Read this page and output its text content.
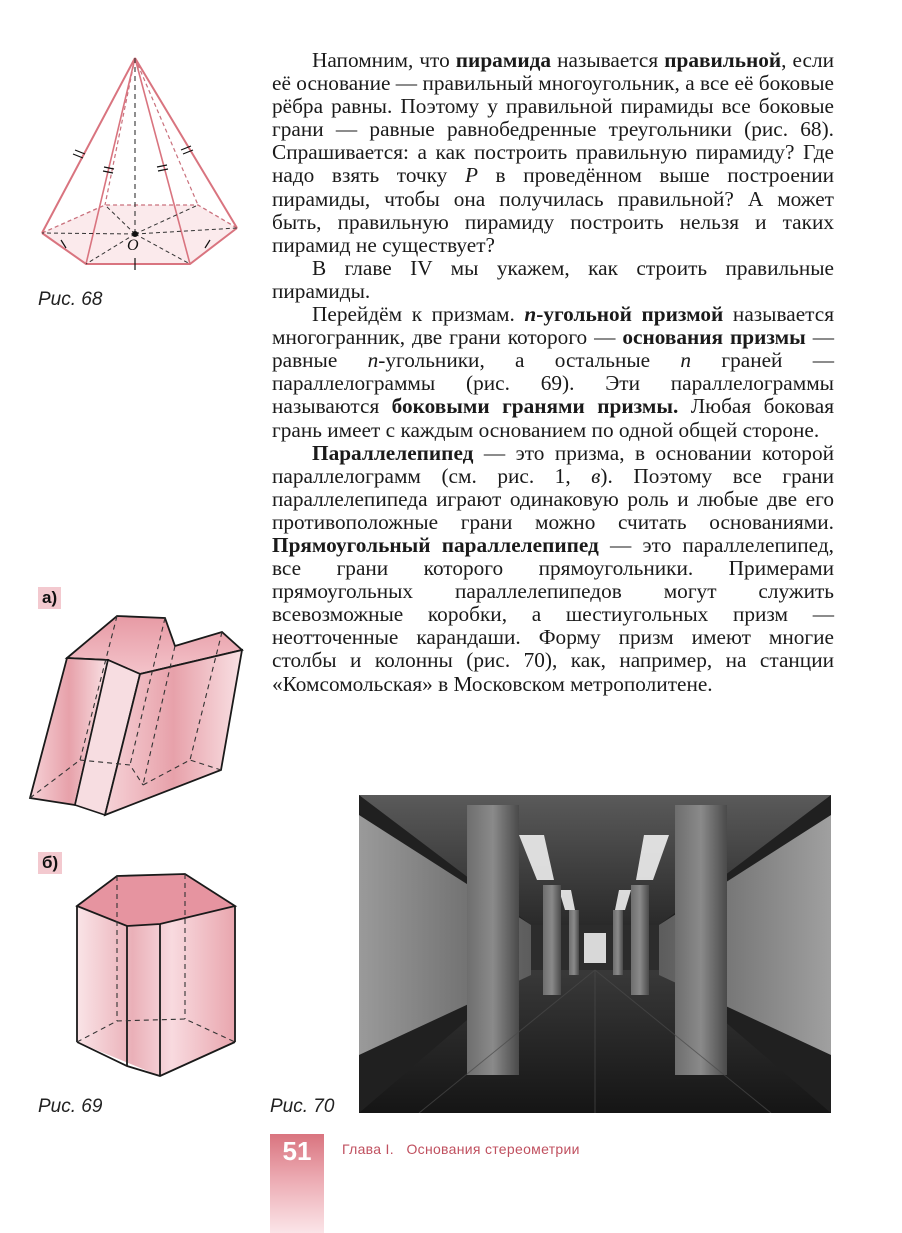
O
Рис. 68
а)
б)
Рис. 69	Рис. 70

Напомним, что пирамида называется правильной, если её основание — правильный многоугольник, а все её боковые рёбра равны. Поэтому у правильной пирамиды все боковые грани — равные равнобедренные треугольники (рис. 68). Спрашивается: а как построить правильную пирамиду? Где надо взять точку P в проведённом выше построении пирамиды, чтобы она получилась правильной? А может быть, правильную пирамиду построить нельзя и таких пирамид не существует?

В главе IV мы укажем, как строить правильные пирамиды.

Перейдём к призмам. n-угольной призмой называется многогранник, две грани которого — основания призмы — равные n-угольники, а остальные n граней — параллелограммы (рис. 69). Эти параллелограммы называются боковыми гранями призмы. Любая боковая грань имеет с каждым основанием по одной общей стороне.

Параллелепипед — это призма, в основании которой параллелограмм (см. рис. 1, в). Поэтому все грани параллелепипеда играют одинаковую роль и любые две его противоположные грани можно считать основаниями. Прямоугольный параллелепипед — это параллелепипед, все грани которого прямоугольники. Примерами прямоугольных параллелепипедов могут служить всевозможные коробки, а шестиугольных призм — неотточенные карандаши. Форму призм имеют многие столбы и колонны (рис. 70), как, например, на станции «Комсомольская» в Московском метрополитене.

51	Глава I.   Основания стереометрии
